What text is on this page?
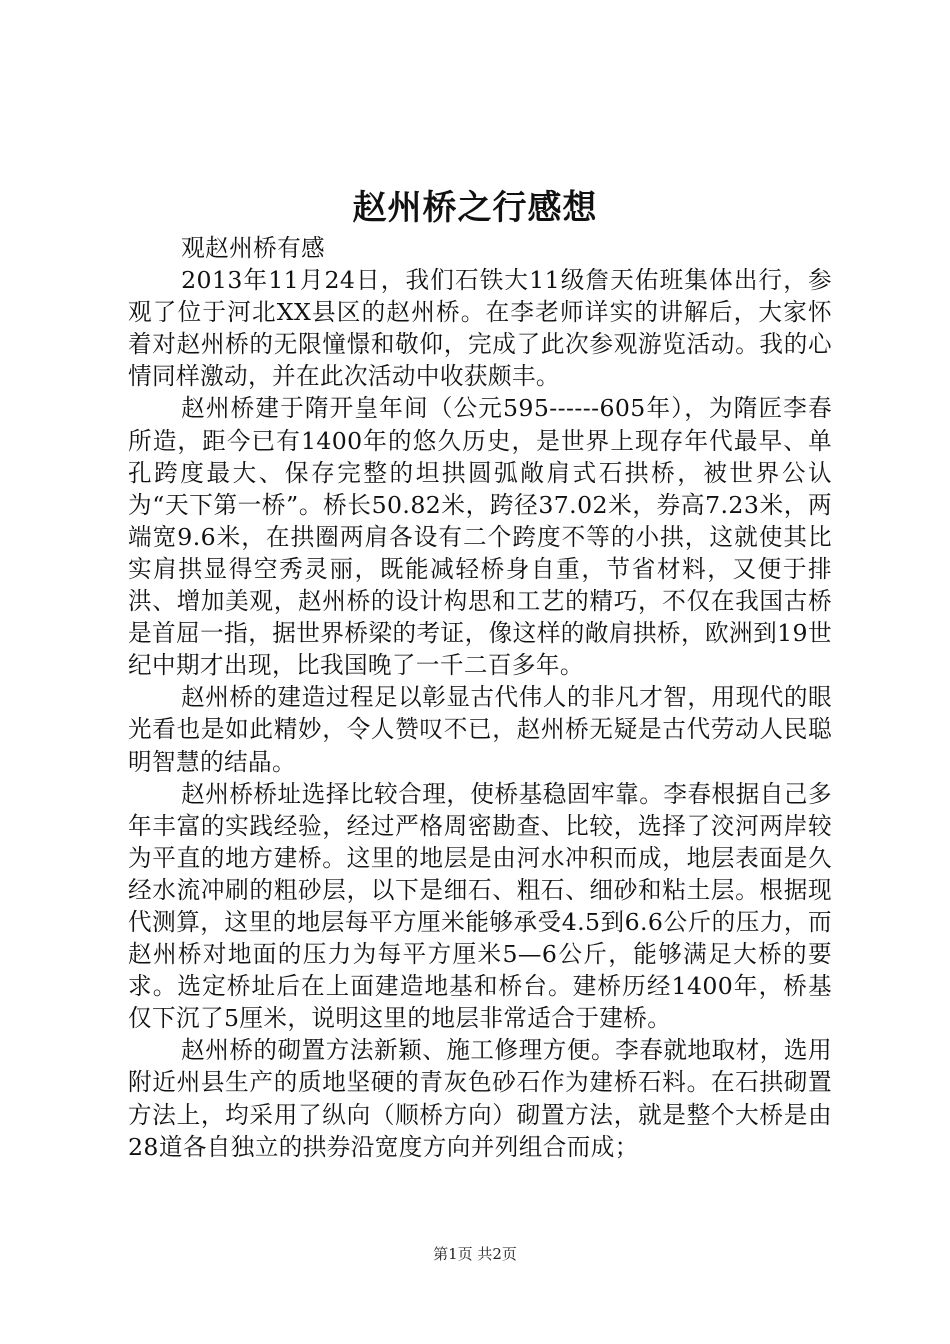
赵州桥之行感想

观赵州桥有感

2013年11月24日，我们石铁大11级詹天佑班集体出行，参观了位于河北XX县区的赵州桥。在李老师详实的讲解后，大家怀着对赵州桥的无限憧憬和敬仰，完成了此次参观游览活动。我的心情同样激动，并在此次活动中收获颇丰。

赵州桥建于隋开皇年间（公元595------605年），为隋匠李春所造，距今已有1400年的悠久历史，是世界上现存年代最早、单孔跨度最大、保存完整的坦拱圆弧敞肩式石拱桥，被世界公认为“天下第一桥”。桥长50.82米，跨径37.02米，券高7.23米，两端宽9.6米，在拱圈两肩各设有二个跨度不等的小拱，这就使其比实肩拱显得空秀灵丽，既能减轻桥身自重，节省材料，又便于排洪、增加美观，赵州桥的设计构思和工艺的精巧，不仅在我国古桥是首屈一指，据世界桥梁的考证，像这样的敞肩拱桥，欧洲到19世纪中期才出现，比我国晚了一千二百多年。

赵州桥的建造过程足以彰显古代伟人的非凡才智，用现代的眼光看也是如此精妙，令人赞叹不已，赵州桥无疑是古代劳动人民聪明智慧的结晶。

赵州桥桥址选择比较合理，使桥基稳固牢靠。李春根据自己多年丰富的实践经验，经过严格周密勘查、比较，选择了洨河两岸较为平直的地方建桥。这里的地层是由河水冲积而成，地层表面是久经水流冲刷的粗砂层，以下是细石、粗石、细砂和粘土层。根据现代测算，这里的地层每平方厘米能够承受4.5到6.6公斤的压力，而赵州桥对地面的压力为每平方厘米5—6公斤，能够满足大桥的要求。选定桥址后在上面建造地基和桥台。建桥历经1400年，桥基仅下沉了5厘米，说明这里的地层非常适合于建桥。

赵州桥的砌置方法新颖、施工修理方便。李春就地取材，选用附近州县生产的质地坚硬的青灰色砂石作为建桥石料。在石拱砌置方法上，均采用了纵向（顺桥方向）砌置方法，就是整个大桥是由28道各自独立的拱券沿宽度方向并列组合而成；

第1页 共2页
